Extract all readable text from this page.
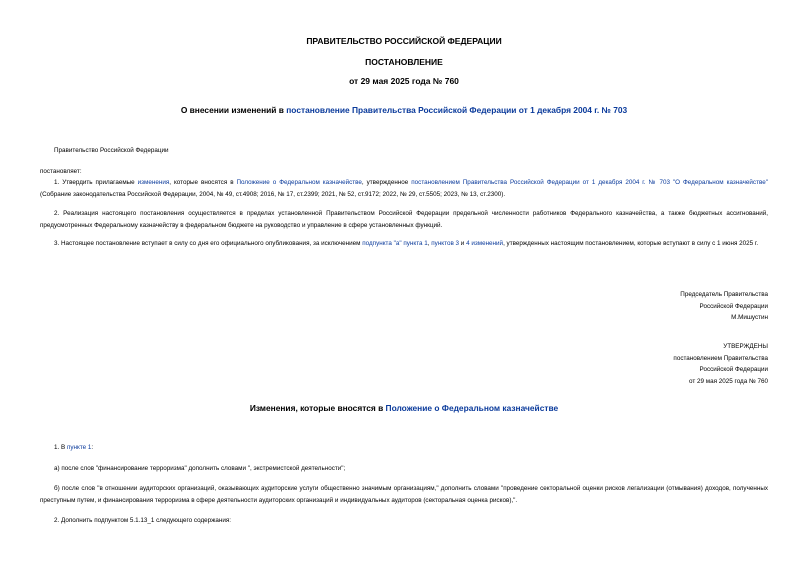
ПРАВИТЕЛЬСТВО РОССИЙСКОЙ ФЕДЕРАЦИИ
ПОСТАНОВЛЕНИЕ
от 29 мая 2025 года № 760
О внесении изменений в постановление Правительства Российской Федерации от 1 декабря 2004 г. № 703
Правительство Российской Федерации
постановляет:
1. Утвердить прилагаемые изменения, которые вносятся в Положение о Федеральном казначействе, утвержденное постановлением Правительства Российской Федерации от 1 декабря 2004 г. № 703 "О Федеральном казначействе" (Собрание законодательства Российской Федерации, 2004, № 49, ст.4908; 2016, № 17, ст.2399; 2021, № 52, ст.9172; 2022, № 29, ст.5505; 2023, № 13, ст.2300).
2. Реализация настоящего постановления осуществляется в пределах установленной Правительством Российской Федерации предельной численности работников Федерального казначейства, а также бюджетных ассигнований, предусмотренных Федеральному казначейству в федеральном бюджете на руководство и управление в сфере установленных функций.
3. Настоящее постановление вступает в силу со дня его официального опубликования, за исключением подпункта "а" пункта 1, пунктов 3 и 4 изменений, утвержденных настоящим постановлением, которые вступают в силу с 1 июня 2025 г.
Председатель Правительства
Российской Федерации
М.Мишустин
УТВЕРЖДЕНЫ
постановлением Правительства
Российской Федерации
от 29 мая 2025 года № 760
Изменения, которые вносятся в Положение о Федеральном казначействе
1. В пункте 1:
а) после слов "финансирование терроризма" дополнить словами ", экстремистской деятельности";
б) после слов "в отношении аудиторских организаций, оказывающих аудиторские услуги общественно значимым организациям," дополнить словами "проведение секторальной оценки рисков легализации (отмывания) доходов, полученных преступным путем, и финансирования терроризма в сфере деятельности аудиторских организаций и индивидуальных аудиторов (секторальная оценка рисков),".
2. Дополнить подпунктом 5.1.13_1 следующего содержания:
